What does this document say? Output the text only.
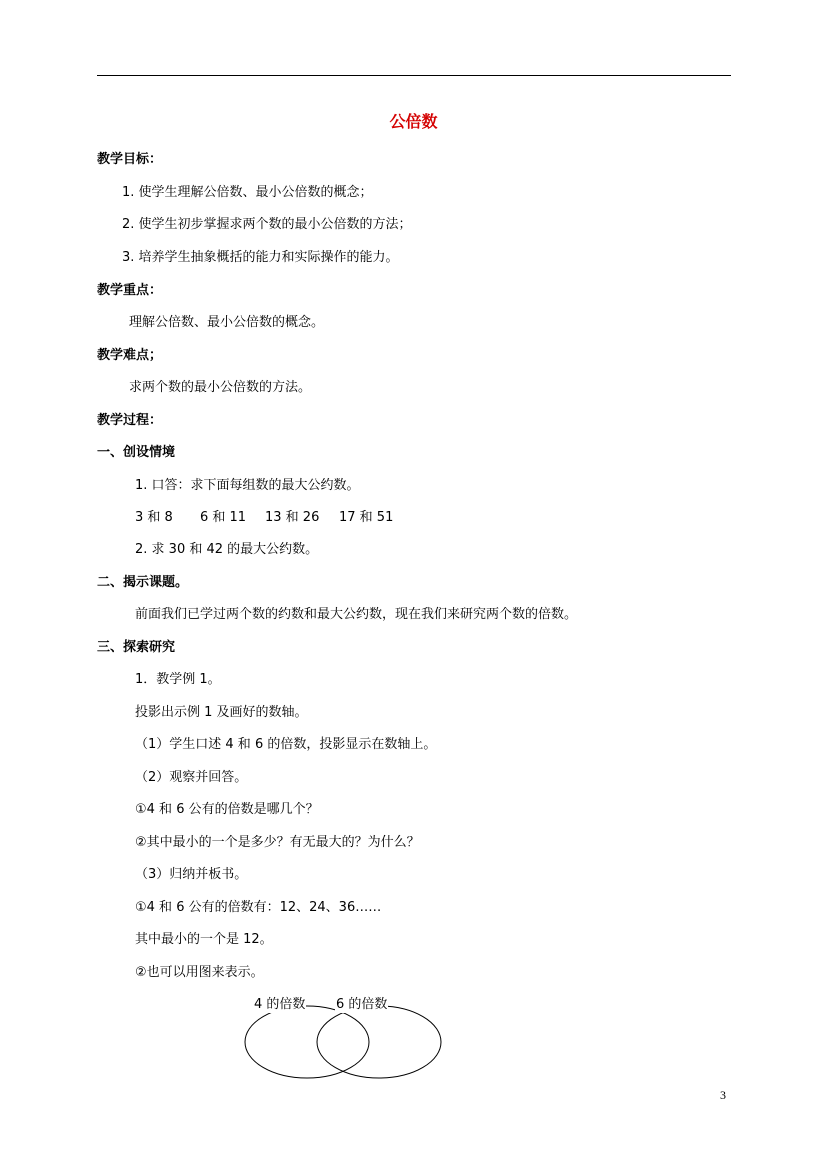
公倍数
教学目标：
1. 使学生理解公倍数、最小公倍数的概念；
2. 使学生初步掌握求两个数的最小公倍数的方法；
3. 培养学生抽象概括的能力和实际操作的能力。
教学重点：
理解公倍数、最小公倍数的概念。
教学难点；
求两个数的最小公倍数的方法。
教学过程：
一、创设情境
1. 口答：求下面每组数的最大公约数。
3 和 8 6 和 11 13 和 26 17 和 51
2. 求 30 和 42 的最大公约数。
二、揭示课题。
前面我们已学过两个数的约数和最大公约数，现在我们来研究两个数的倍数。
三、探索研究
1．教学例 1。
投影出示例 1 及画好的数轴。
（1）学生口述 4 和 6 的倍数，投影显示在数轴上。
（2）观察并回答。
①4 和 6 公有的倍数是哪几个？
②其中最小的一个是多少？有无最大的？为什么？
（3）归纳并板书。
①4 和 6 公有的倍数有：12、24、36……
其中最小的一个是 12。
②也可以用图来表示。
4 的倍数 6 的倍数
3
